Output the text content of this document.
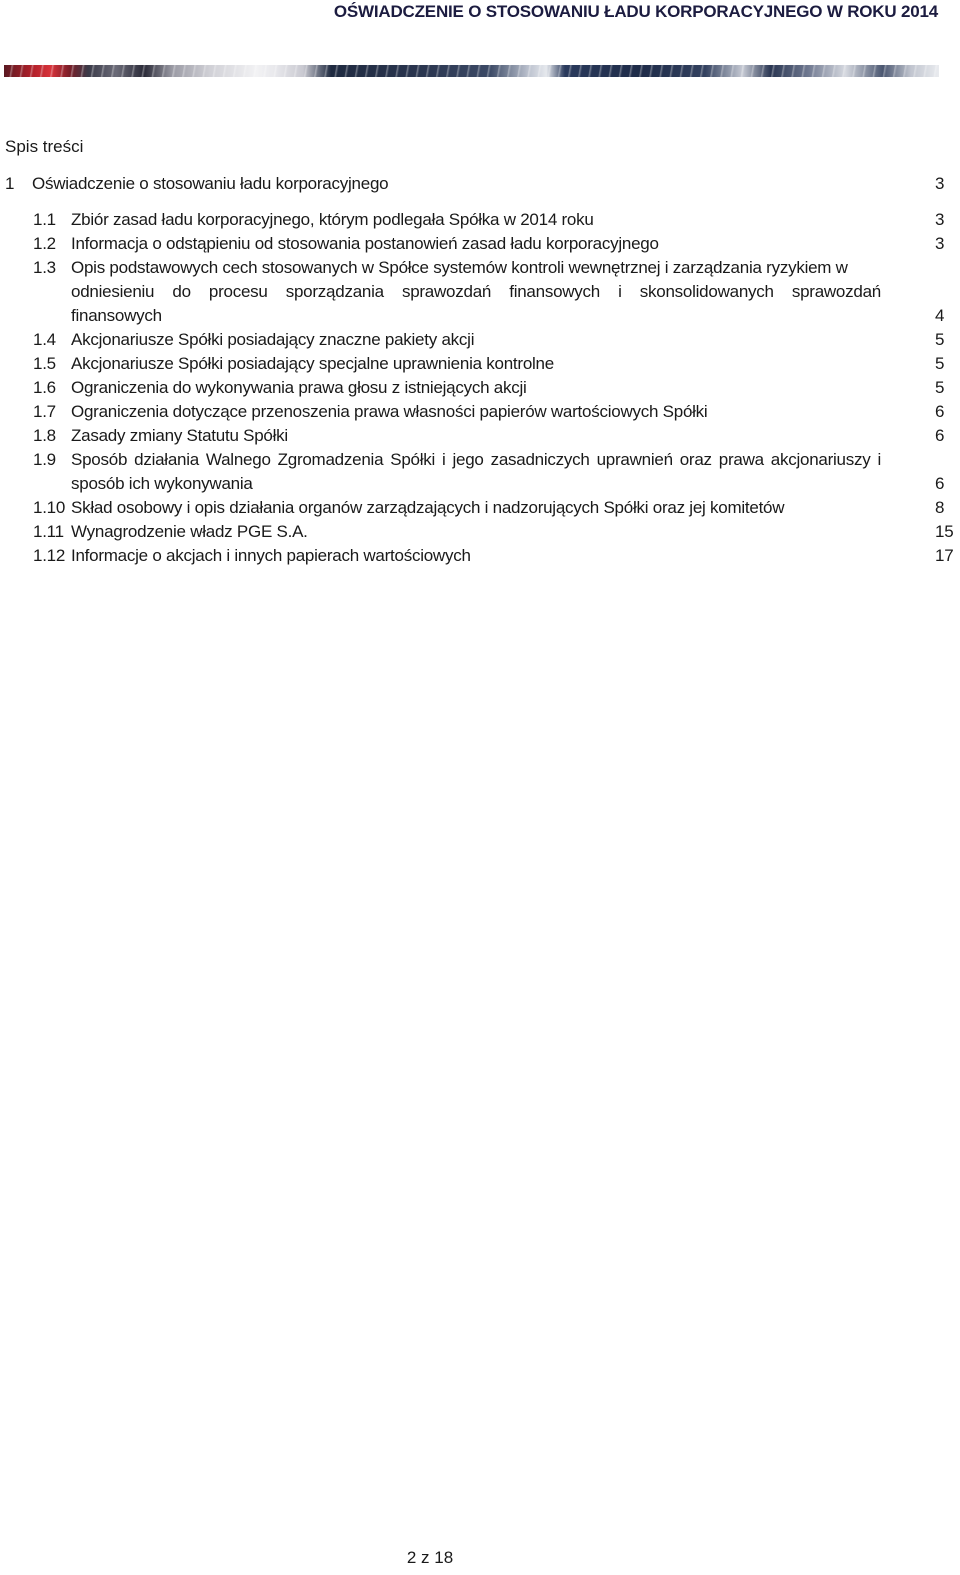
OŚWIADCZENIE O STOSOWANIU ŁADU KORPORACYJNEGO W ROKU 2014
Spis treści
1 Oświadczenie o stosowaniu ładu korporacyjnego	3
1.1 Zbiór zasad ładu korporacyjnego, którym podlegała Spółka w 2014 roku	3
1.2 Informacja o odstąpieniu od stosowania postanowień zasad ładu korporacyjnego	3
1.3 Opis podstawowych cech stosowanych w Spółce systemów kontroli wewnętrznej i zarządzania ryzykiem w
odniesieniu do procesu sporządzania sprawozdań finansowych i skonsolidowanych sprawozdań
finansowych	4
1.4 Akcjonariusze Spółki posiadający znaczne pakiety akcji	5
1.5 Akcjonariusze Spółki posiadający specjalne uprawnienia kontrolne	5
1.6 Ograniczenia do wykonywania prawa głosu z istniejących akcji	5
1.7 Ograniczenia dotyczące przenoszenia prawa własności papierów wartościowych Spółki	6
1.8 Zasady zmiany Statutu Spółki	6
1.9 Sposób działania Walnego Zgromadzenia Spółki i jego zasadniczych uprawnień oraz prawa akcjonariuszy i
sposób ich wykonywania	6
1.10 Skład osobowy i opis działania organów zarządzających i nadzorujących Spółki oraz jej komitetów	8
1.11 Wynagrodzenie władz PGE S.A.	15
1.12 Informacje o akcjach i innych papierach wartościowych	17
2 z 18
